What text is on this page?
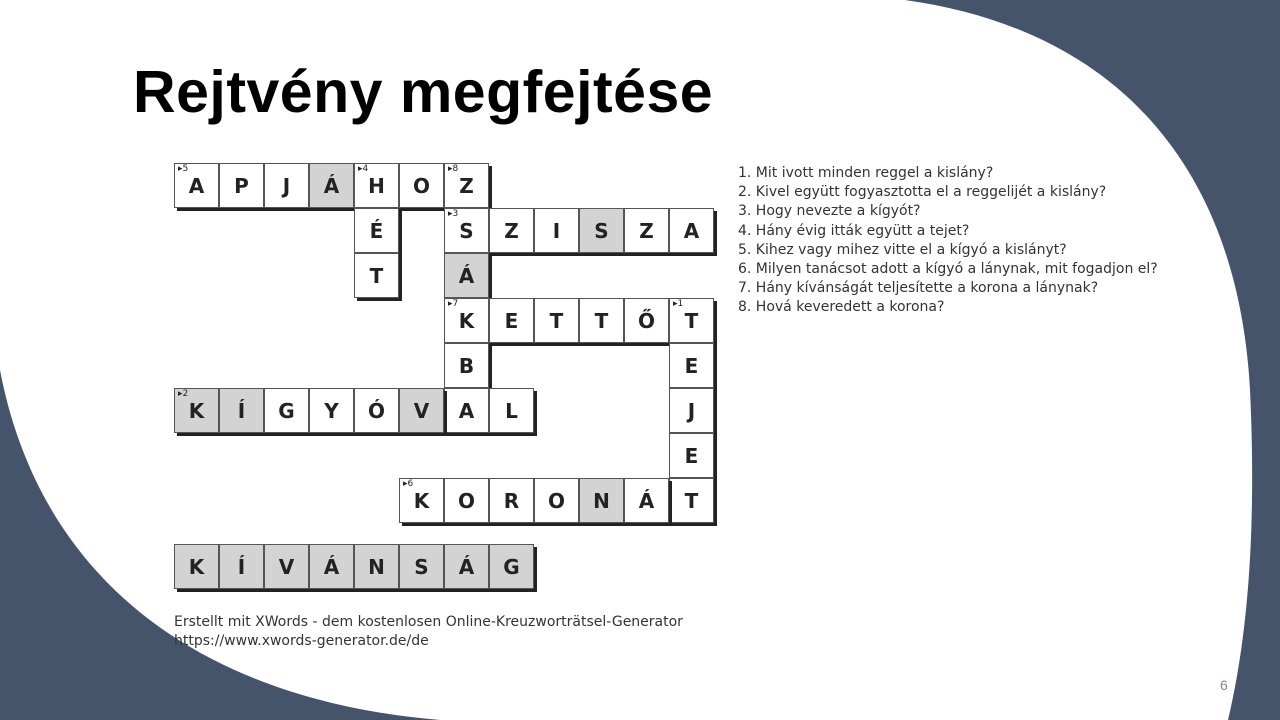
Rejtvény megfejtése
A
▸5
P J Á H
▸4
O Z
▸8
É
T
S
▸3
Á
K
▸7
B
A
Z I S Z A
E T T Ő T
▸1
E
J
E
T
K
▸2
Í G Y Ó V	L
K
▸6
O R O N Á
K Í V Á N S Á G
1. Mit ivott minden reggel a kislány?
2. Kivel együtt fogyasztotta el a reggelijét a kislány?
3. Hogy nevezte a kígyót?
4. Hány évig itták együtt a tejet?
5. Kihez vagy mihez vitte el a kígyó a kislányt?
6. Milyen tanácsot adott a kígyó a lánynak, mit fogadjon el?
7. Hány kívánságát teljesítette a korona a lánynak?
8. Hová keveredett a korona?
Erstellt mit XWords - dem kostenlosen Online-Kreuzworträtsel-Generator
https://www.xwords-generator.de/de
6
